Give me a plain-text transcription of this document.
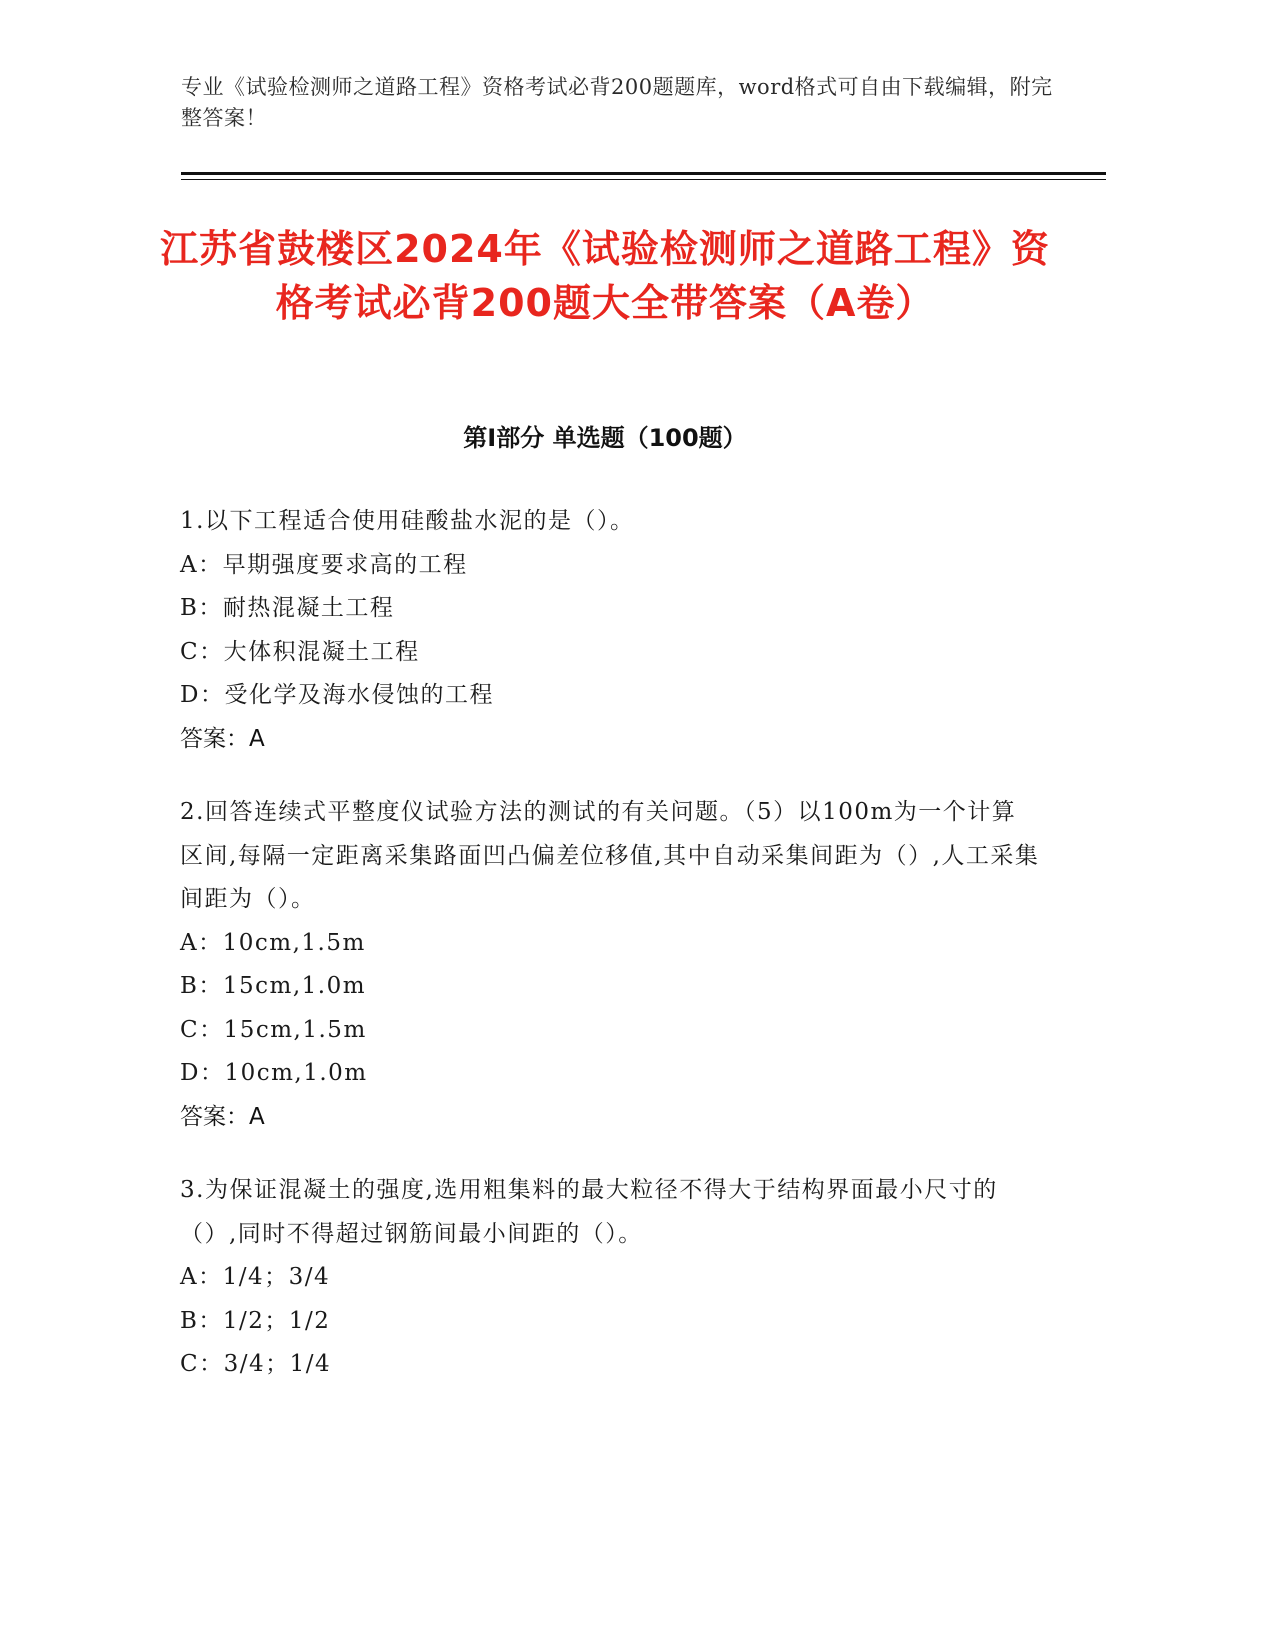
专业《试验检测师之道路工程》资格考试必背200题题库，word格式可自由下载编辑，附完整答案！
江苏省鼓楼区2024年《试验检测师之道路工程》资格考试必背200题大全带答案（A卷）
第I部分 单选题（100题）
1.以下工程适合使用硅酸盐水泥的是（）。
A：早期强度要求高的工程
B：耐热混凝土工程
C：大体积混凝土工程
D：受化学及海水侵蚀的工程
答案：A
2.回答连续式平整度仪试验方法的测试的有关问题。（5）以100m为一个计算区间,每隔一定距离采集路面凹凸偏差位移值,其中自动采集间距为（）,人工采集间距为（）。
A：10cm,1.5m
B：15cm,1.0m
C：15cm,1.5m
D：10cm,1.0m
答案：A
3.为保证混凝土的强度,选用粗集料的最大粒径不得大于结构界面最小尺寸的（）,同时不得超过钢筋间最小间距的（）。
A：1/4；3/4
B：1/2；1/2
C：3/4；1/4
